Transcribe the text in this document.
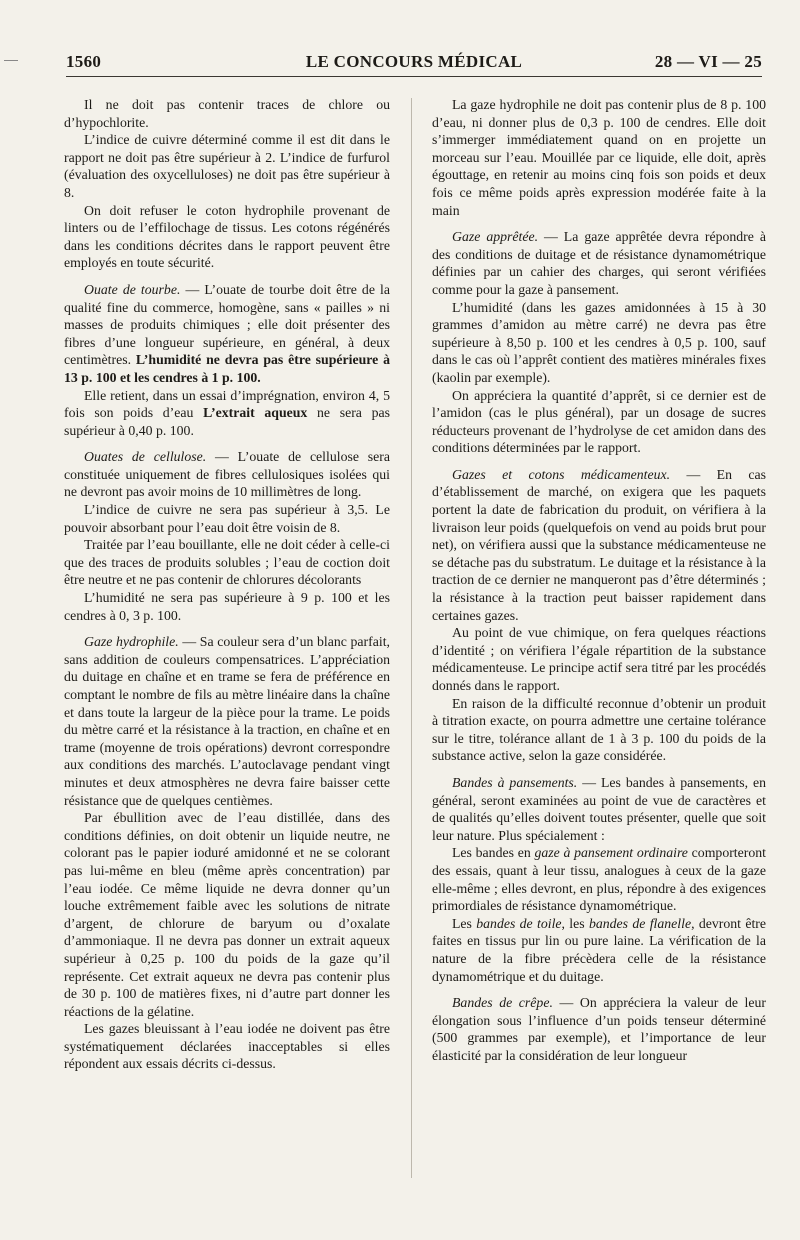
1560	LE CONCOURS MÉDICAL	28 — VI — 25

Il ne doit pas contenir traces de chlore ou d’hypochlorite.

L’indice de cuivre déterminé comme il est dit dans le rapport ne doit pas être supérieur à 2. L’indice de furfurol (évaluation des oxycelluloses) ne doit pas être supérieur à 8.

On doit refuser le coton hydrophile provenant de linters ou de l’effilochage de tissus. Les cotons régénérés dans les conditions décrites dans le rapport peuvent être employés en toute sécurité.

Ouate de tourbe. — L’ouate de tourbe doit être de la qualité fine du commerce, homogène, sans « pailles » ni masses de produits chimiques ; elle doit présenter des fibres d’une longueur supérieure, en général, à deux centimètres. L’humidité ne devra pas être supérieure à 13 p. 100 et les cendres à 1 p. 100.

Elle retient, dans un essai d’imprégnation, environ 4, 5 fois son poids d’eau L’extrait aqueux ne sera pas supérieur à 0,40 p. 100.

Ouates de cellulose. — L’ouate de cellulose sera constituée uniquement de fibres cellulosiques isolées qui ne devront pas avoir moins de 10 millimètres de long.

L’indice de cuivre ne sera pas supérieur à 3,5. Le pouvoir absorbant pour l’eau doit être voisin de 8.

Traitée par l’eau bouillante, elle ne doit céder à celle-ci que des traces de produits solubles ; l’eau de coction doit être neutre et ne pas contenir de chlorures décolorants

L’humidité ne sera pas supérieure à 9 p. 100 et les cendres à 0, 3 p. 100.

Gaze hydrophile. — Sa couleur sera d’un blanc parfait, sans addition de couleurs compensatrices. L’appréciation du duitage en chaîne et en trame se fera de préférence en comptant le nombre de fils au mètre linéaire dans la chaîne et dans toute la largeur de la pièce pour la trame. Le poids du mètre carré et la résistance à la traction, en chaîne et en trame (moyenne de trois opérations) devront correspondre aux conditions des marchés. L’autoclavage pendant vingt minutes et deux atmosphères ne devra faire baisser cette résistance que de quelques centièmes.

Par ébullition avec de l’eau distillée, dans des conditions définies, on doit obtenir un liquide neutre, ne colorant pas le papier ioduré amidonné et ne se colorant pas lui-même en bleu (même après concentration) par l’eau iodée. Ce même liquide ne devra donner qu’un louche extrêmement faible avec les solutions de nitrate d’argent, de chlorure de baryum ou d’oxalate d’ammoniaque. Il ne devra pas donner un extrait aqueux supérieur à 0,25 p. 100 du poids de la gaze qu’il représente. Cet extrait aqueux ne devra pas contenir plus de 30 p. 100 de matières fixes, ni d’autre part donner les réactions de la gélatine.

Les gazes bleuissant à l’eau iodée ne doivent pas être systématiquement déclarées inacceptables si elles répondent aux essais décrits ci-dessus.

La gaze hydrophile ne doit pas contenir plus de 8 p. 100 d’eau, ni donner plus de 0,3 p. 100 de cendres. Elle doit s’immerger immédiatement quand on en projette un morceau sur l’eau. Mouillée par ce liquide, elle doit, après égouttage, en retenir au moins cinq fois son poids et deux fois ce même poids après expression modérée faite à la main

Gaze apprêtée. — La gaze apprêtée devra répondre à des conditions de duitage et de résistance dynamométrique définies par un cahier des charges, qui seront vérifiées comme pour la gaze à pansement.

L’humidité (dans les gazes amidonnées à 15 à 30 grammes d’amidon au mètre carré) ne devra pas être supérieure à 8,50 p. 100 et les cendres à 0,5 p. 100, sauf dans le cas où l’apprêt contient des matières minérales fixes (kaolin par exemple).

On appréciera la quantité d’apprêt, si ce dernier est de l’amidon (cas le plus général), par un dosage de sucres réducteurs provenant de l’hydrolyse de cet amidon dans des conditions déterminées par le rapport.

Gazes et cotons médicamenteux. — En cas d’établissement de marché, on exigera que les paquets portent la date de fabrication du produit, on vérifiera à la livraison leur poids (quelquefois on vend au poids brut pour net), on vérifiera aussi que la substance médicamenteuse ne se détache pas du substratum. Le duitage et la résistance à la traction de ce dernier ne manqueront pas d’être déterminés ; la résistance à la traction peut baisser rapidement dans certaines gazes.

Au point de vue chimique, on fera quelques réactions d’identité ; on vérifiera l’égale répartition de la substance médicamenteuse. Le principe actif sera titré par les procédés donnés dans le rapport.

En raison de la difficulté reconnue d’obtenir un produit à titration exacte, on pourra admettre une certaine tolérance sur le titre, tolérance allant de 1 à 3 p. 100 du poids de la substance active, selon la gaze considérée.

Bandes à pansements. — Les bandes à pansements, en général, seront examinées au point de vue de caractères et de qualités qu’elles doivent toutes présenter, quelle que soit leur nature. Plus spécialement :

Les bandes en gaze à pansement ordinaire comporteront des essais, quant à leur tissu, analogues à ceux de la gaze elle-même ; elles devront, en plus, répondre à des exigences primordiales de résistance dynamométrique.

Les bandes de toile, les bandes de flanelle, devront être faites en tissus pur lin ou pure laine. La vérification de la nature de la fibre précèdera celle de la résistance dynamométrique et du duitage.

Bandes de crêpe. — On appréciera la valeur de leur élongation sous l’influence d’un poids tenseur déterminé (500 grammes par exemple), et l’importance de leur élasticité par la considération de leur longueur
